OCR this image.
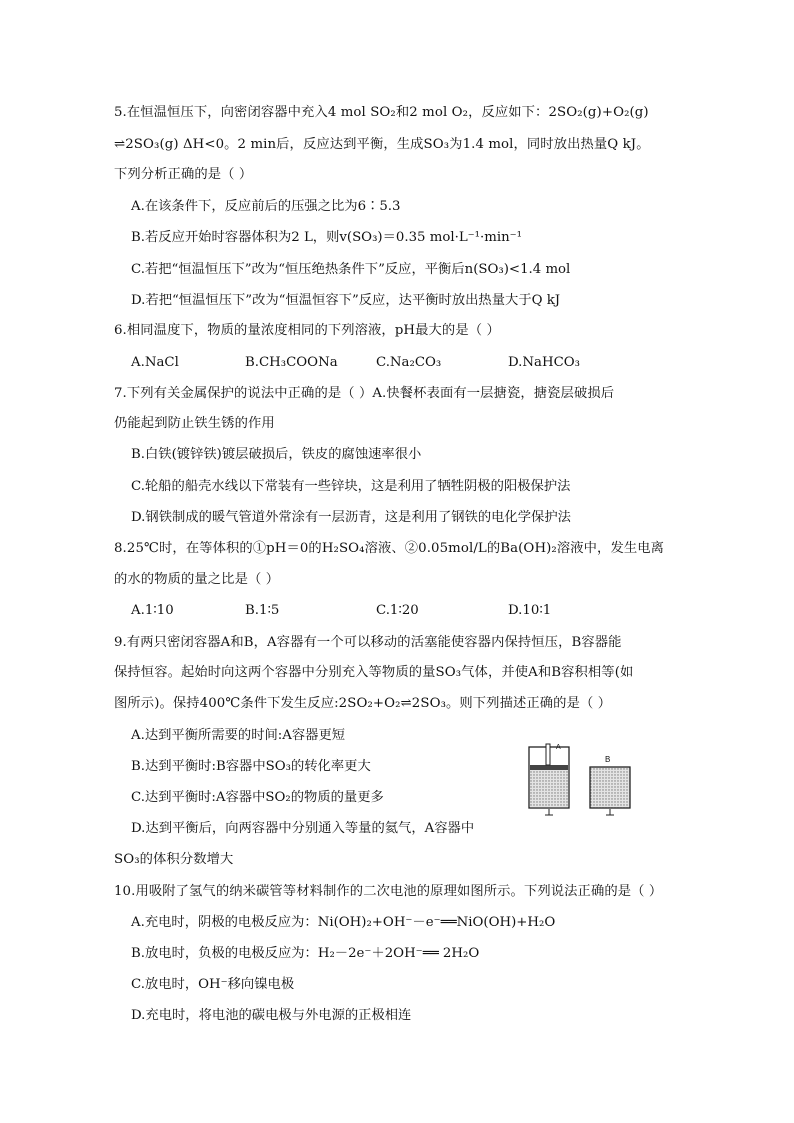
5.在恒温恒压下，向密闭容器中充入4 mol SO₂和2 mol O₂，反应如下：2SO₂(g)+O₂(g)
⇌2SO₃(g) ΔH<0。2 min后，反应达到平衡，生成SO₃为1.4 mol，同时放出热量Q kJ。
下列分析正确的是（ ）
A.在该条件下，反应前后的压强之比为6∶5.3
B.若反应开始时容器体积为2 L，则v(SO₃)＝0.35 mol·L⁻¹·min⁻¹
C.若把“恒温恒压下”改为“恒压绝热条件下”反应，平衡后n(SO₃)<1.4 mol
D.若把“恒温恒压下”改为“恒温恒容下”反应，达平衡时放出热量大于Q kJ
6.相同温度下，物质的量浓度相同的下列溶液，pH最大的是（ ）
A.NaCl	B.CH₃COONa	C.Na₂CO₃	D.NaHCO₃
7.下列有关金属保护的说法中正确的是（ ）A.快餐杯表面有一层搪瓷，搪瓷层破损后
仍能起到防止铁生锈的作用
B.白铁(镀锌铁)镀层破损后，铁皮的腐蚀速率很小
C.轮船的船壳水线以下常装有一些锌块，这是利用了牺牲阴极的阳极保护法
D.钢铁制成的暖气管道外常涂有一层沥青，这是利用了钢铁的电化学保护法
8.25℃时，在等体积的①pH＝0的H₂SO₄溶液、②0.05mol/L的Ba(OH)₂溶液中，发生电离
的水的物质的量之比是（ ）
A.1∶10	B.1∶5	C.1∶20	D.10∶1
9.有两只密闭容器A和B，A容器有一个可以移动的活塞能使容器内保持恒压，B容器能
保持恒容。起始时向这两个容器中分别充入等物质的量SO₃气体，并使A和B容积相等(如
图所示)。保持400℃条件下发生反应:2SO₂+O₂⇌2SO₃。则下列描述正确的是（ ）
A.达到平衡所需要的时间:A容器更短
B.达到平衡时:B容器中SO₃的转化率更大
C.达到平衡时:A容器中SO₂的物质的量更多
D.达到平衡后，向两容器中分别通入等量的氦气，A容器中
SO₃的体积分数增大
A
B
10.用吸附了氢气的纳米碳管等材料制作的二次电池的原理如图所示。下列说法正确的是（ ）
A.充电时，阴极的电极反应为：Ni(OH)₂+OH⁻－e⁻══NiO(OH)+H₂O
B.放电时，负极的电极反应为：H₂－2e⁻＋2OH⁻══ 2H₂O
C.放电时，OH⁻移向镍电极
D.充电时，将电池的碳电极与外电源的正极相连
